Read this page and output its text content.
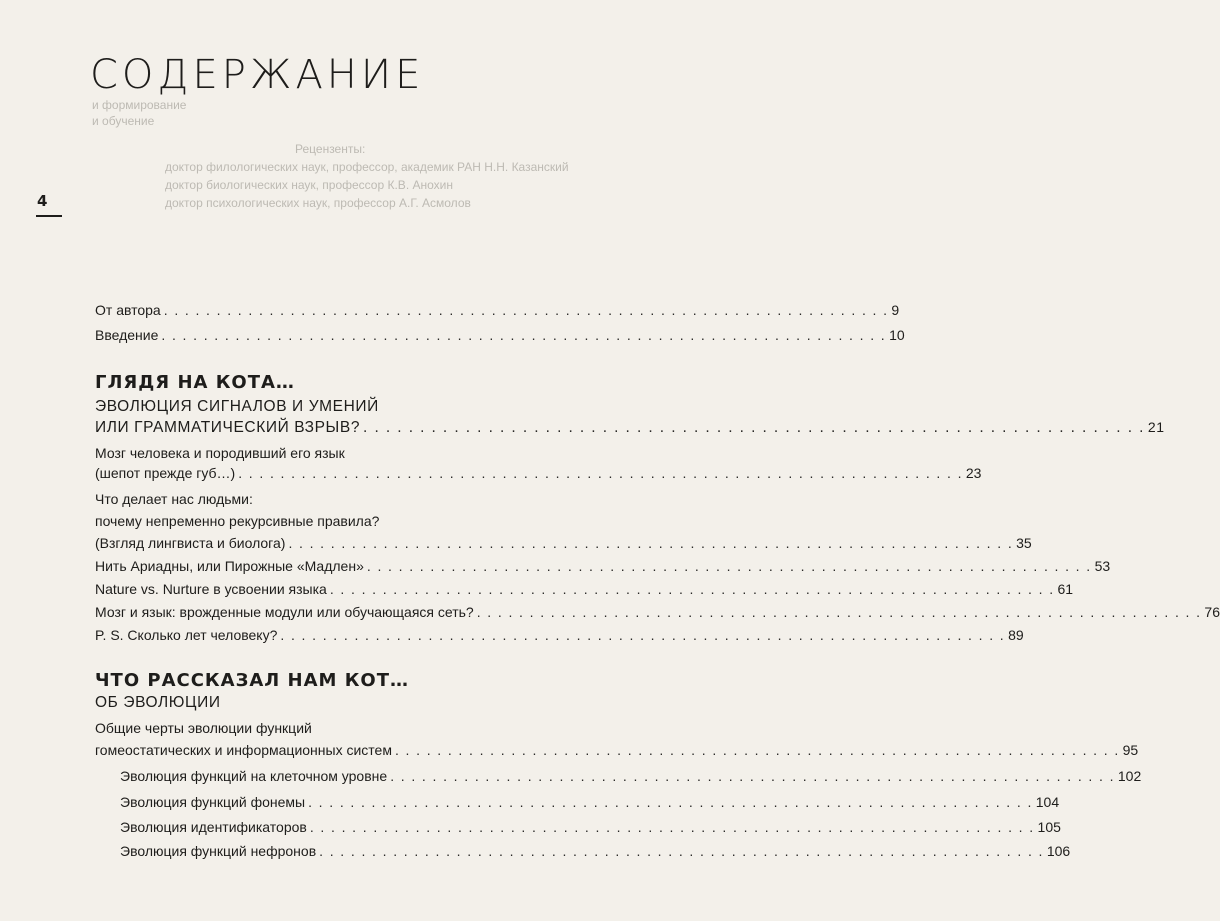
и формирование
и обучение
Рецензенты:
доктор филологических наук, профессор, академик РАН Н.Н. Казанский
доктор биологических наук, профессор К.В. Анохин
доктор психологических наук, профессор А.Г. Асмолов
СОДЕРЖАНИЕ
4
От автора . . . . . . . . . . . . . . . . . . . . . . . . . . . . . . . . . . . . . . . . . . . . . . . . . . . . . . . . . . . . . . . . . . . . . 9
Введение . . . . . . . . . . . . . . . . . . . . . . . . . . . . . . . . . . . . . . . . . . . . . . . . . . . . . . . . . . . . . . . . . . . . . 10
ГЛЯДЯ НА КОТА…
ЭВОЛЮЦИЯ СИГНАЛОВ И УМЕНИЙ
ИЛИ ГРАММАТИЧЕСКИЙ ВЗРЫВ? . . . . . . . . . . . . . . . . . . . . . . . . . . . . . . . . . . . . . . . . . . . . . . . . . . . . . . . . . . . . . . . . . . . . . 21
Мозг человека и породивший его язык
(шепот прежде губ…) . . . . . . . . . . . . . . . . . . . . . . . . . . . . . . . . . . . . . . . . . . . . . . . . . . . . . . . . . . . . . . . . . . . . . 23
Что делает нас людьми:
почему непременно рекурсивные правила?
(Взгляд лингвиста и биолога) . . . . . . . . . . . . . . . . . . . . . . . . . . . . . . . . . . . . . . . . . . . . . . . . . . . . . . . . . . . . . . . . . . . . . 35
Нить Ариадны, или Пирожные «Мадлен» . . . . . . . . . . . . . . . . . . . . . . . . . . . . . . . . . . . . . . . . . . . . . . . . . . . . . . . . . . . . . . . . . . . . . 53
Nature vs. Nurture в усвоении языка . . . . . . . . . . . . . . . . . . . . . . . . . . . . . . . . . . . . . . . . . . . . . . . . . . . . . . . . . . . . . . . . . . . . . 61
Мозг и язык: врожденные модули или обучающаяся сеть? . . . . . . . . . . . . . . . . . . . . . . . . . . . . . . . . . . . . . . . . . . . . . . . . . . . . . . . . . . . . . . . . . . . . . 76
P. S. Сколько лет человеку? . . . . . . . . . . . . . . . . . . . . . . . . . . . . . . . . . . . . . . . . . . . . . . . . . . . . . . . . . . . . . . . . . . . . . 89
ЧТО РАССКАЗАЛ НАМ КОТ…
ОБ ЭВОЛЮЦИИ
Общие черты эволюции функций
гомеостатических и информационных систем . . . . . . . . . . . . . . . . . . . . . . . . . . . . . . . . . . . . . . . . . . . . . . . . . . . . . . . . . . . . . . . . . . . . . 95
Эволюция функций на клеточном уровне . . . . . . . . . . . . . . . . . . . . . . . . . . . . . . . . . . . . . . . . . . . . . . . . . . . . . . . . . . . . . . . . . . . . . 102
Эволюция функций фонемы . . . . . . . . . . . . . . . . . . . . . . . . . . . . . . . . . . . . . . . . . . . . . . . . . . . . . . . . . . . . . . . . . . . . . 104
Эволюция идентификаторов . . . . . . . . . . . . . . . . . . . . . . . . . . . . . . . . . . . . . . . . . . . . . . . . . . . . . . . . . . . . . . . . . . . . . 105
Эволюция функций нефронов . . . . . . . . . . . . . . . . . . . . . . . . . . . . . . . . . . . . . . . . . . . . . . . . . . . . . . . . . . . . . . . . . . . . . 106
